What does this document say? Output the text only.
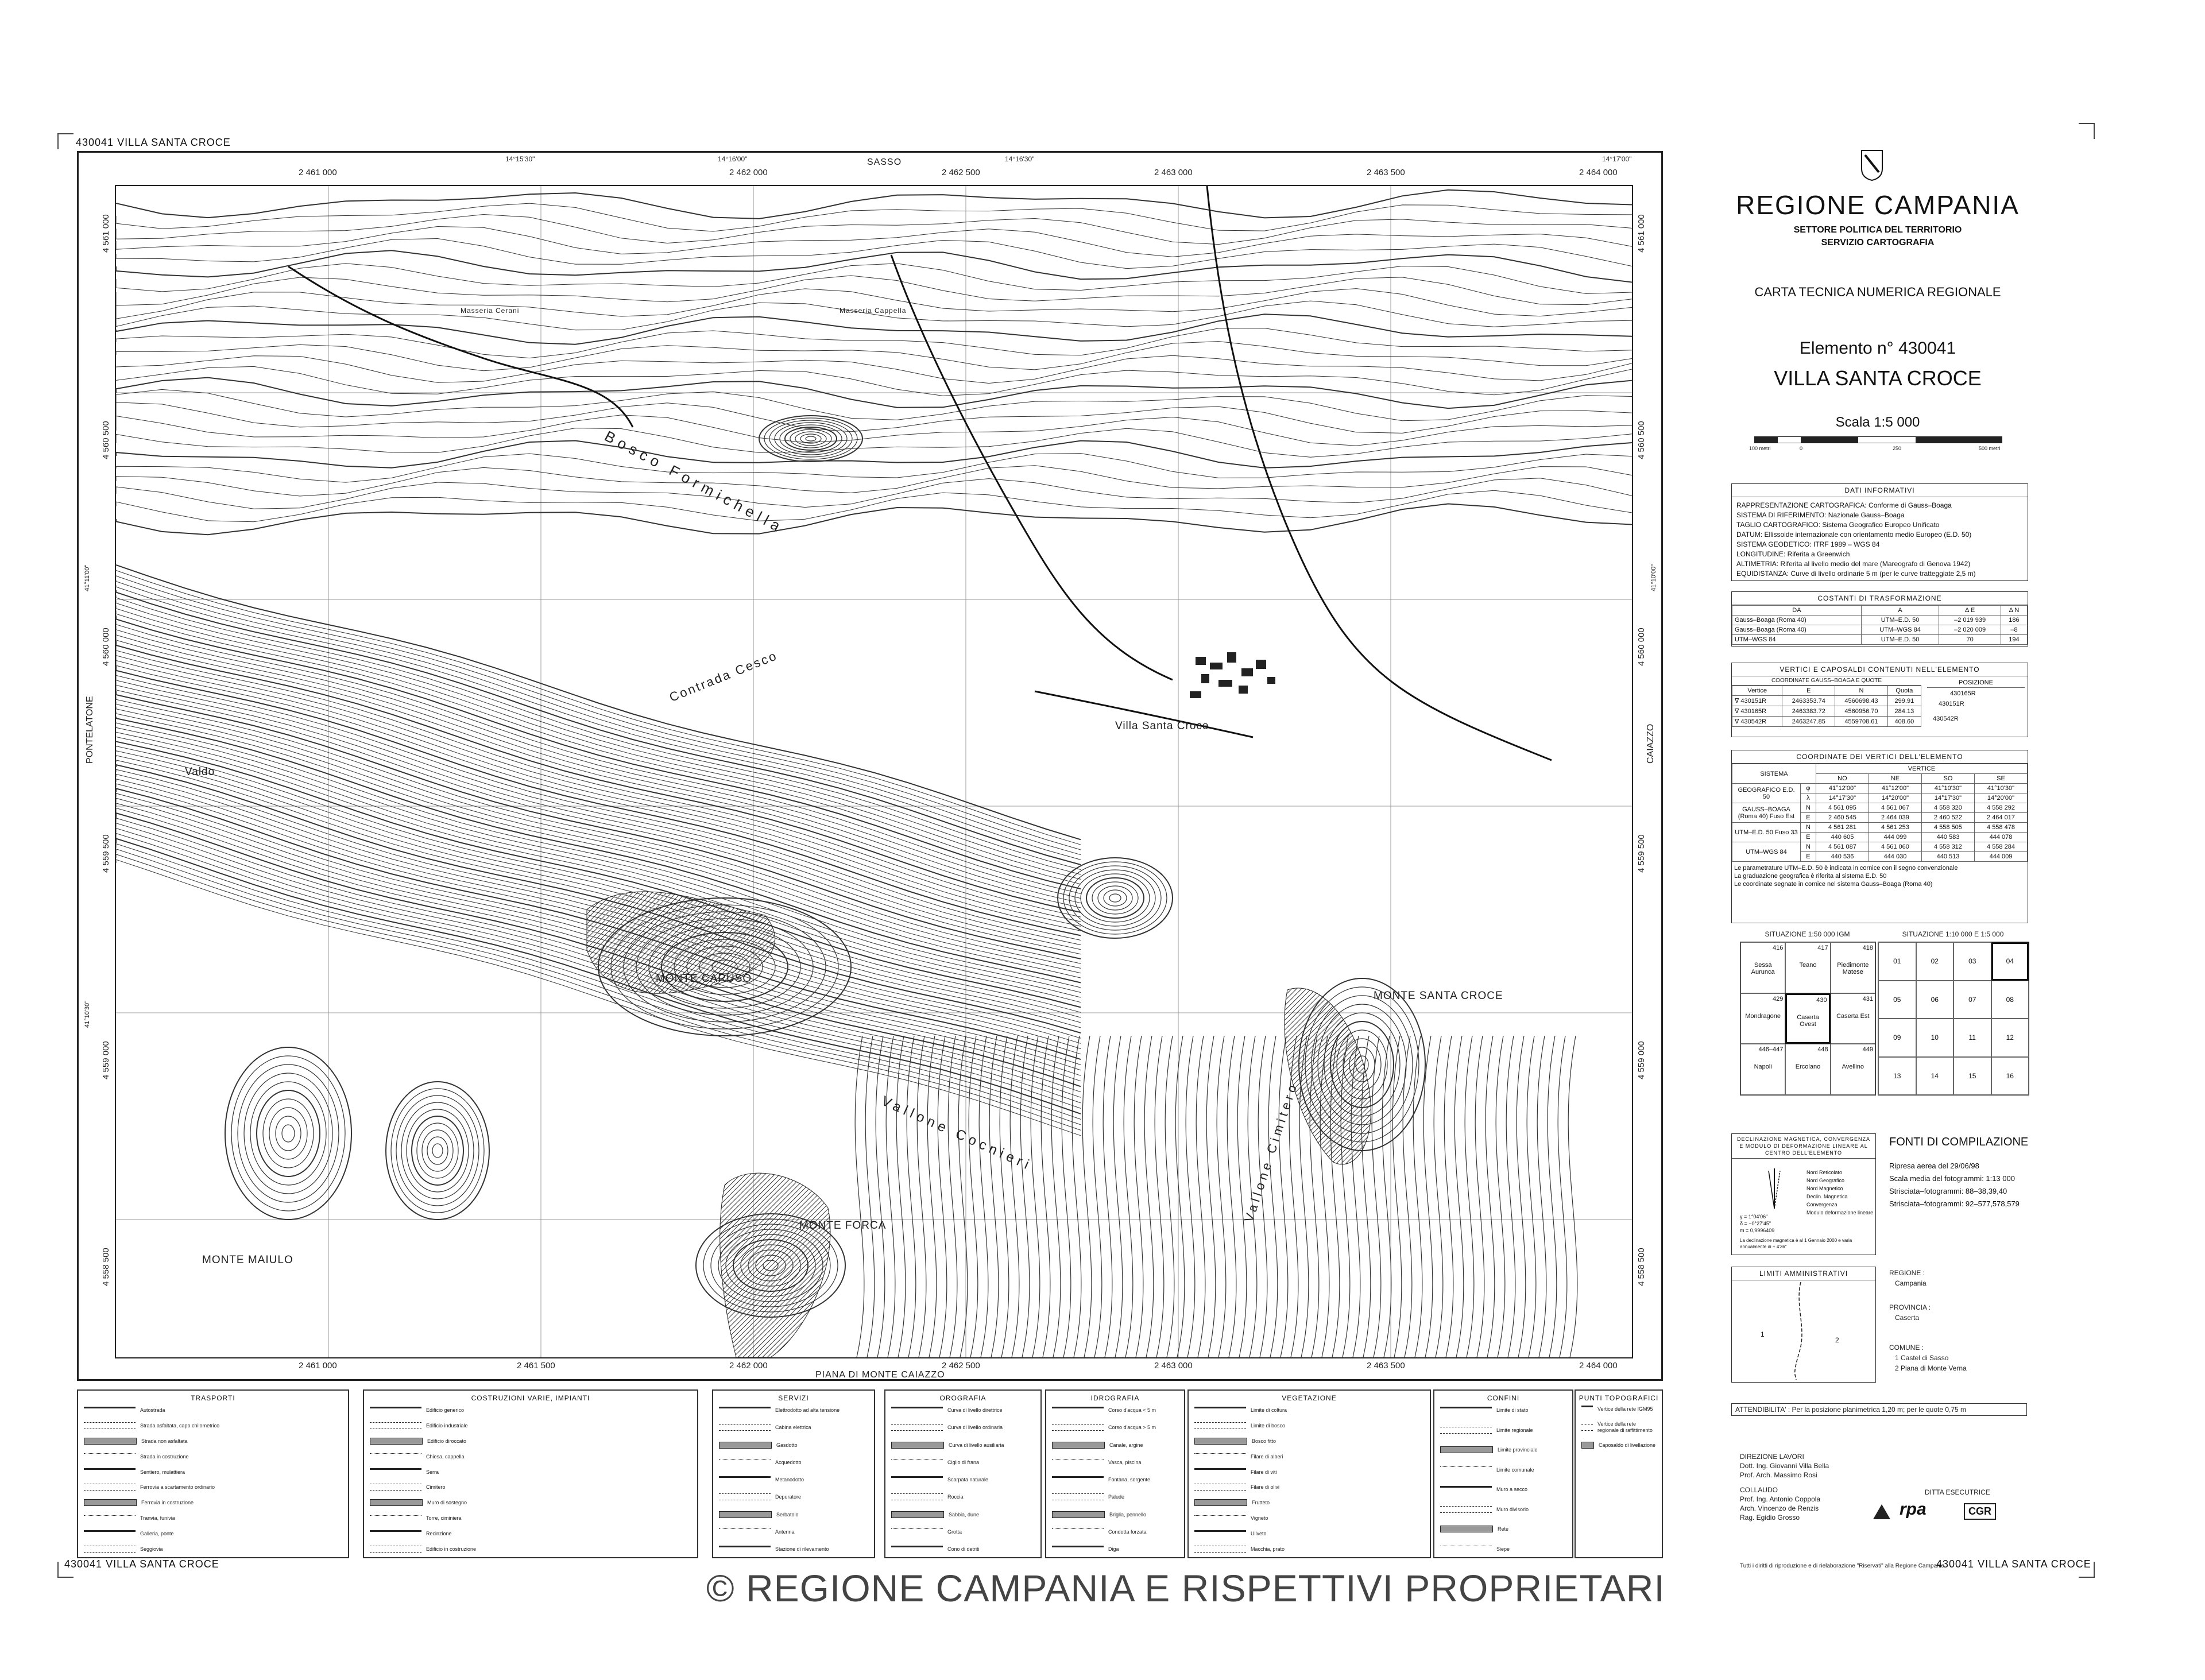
430041 VILLA SANTA CROCE
2 461 000	2 462 000	2 462 500	2 463 000	2 463 500	2 464 000
SASSO
14°15'30"	14°16'00"	14°16'30"	14°17'00"
2 461 000	2 461 500	2 462 000	2 462 500	2 463 000	2 463 500	2 464 000
PIANA DI MONTE CAIAZZO
4 561 000
4 560 500
4 560 000
4 559 500
4 559 000
4 558 500
PONTELATONE
41°11'00"
41°10'30"
4 561 000
4 560 500
4 560 000
4 559 500
4 559 000
4 558 500
CAIAZZO
41°10'00"
Bosco Formichella
Contrada Cesco
Villa Santa Croce
MONTE CARUSO
MONTE SANTA CROCE
MONTE FORCA
Vallone Cocnieri	Vallone Cimitero
MONTE MAIULO
Valdo
Masseria Cerani	Masseria Cappella
TRASPORTI
Autostrada
Strada asfaltata, capo chilometrico
Strada non asfaltata
Strada in costruzione
Sentiero, mulattiera
Ferrovia a scartamento ordinario
Ferrovia in costruzione
Tranvia, funivia
Galleria, ponte
Seggiovia
COSTRUZIONI VARIE, IMPIANTI
Edificio generico
Edificio industriale
Edificio diroccato
Chiesa, cappella
Serra
Cimitero
Muro di sostegno
Torre, ciminiera
Recinzione
Edificio in costruzione
SERVIZI
Elettrodotto ad alta tensione
Cabina elettrica
Gasdotto
Acquedotto
Metanodotto
Depuratore
Serbatoio
Antenna
Stazione di rilevamento
OROGRAFIA
Curva di livello direttrice
Curva di livello ordinaria
Curva di livello ausiliaria
Ciglio di frana
Scarpata naturale
Roccia
Sabbia, dune
Grotta
Cono di detriti
IDROGRAFIA
Corso d'acqua < 5 m
Corso d'acqua > 5 m
Canale, argine
Vasca, piscina
Fontana, sorgente
Palude
Briglia, pennello
Condotta forzata
Diga
VEGETAZIONE
Limite di coltura
Limite di bosco
Bosco fitto
Filare di alberi
Filare di viti
Filare di olivi
Frutteto
Vigneto
Uliveto
Macchia, prato
CONFINI
Limite di stato
Limite regionale
Limite provinciale
Limite comunale
Muro a secco
Muro divisorio
Rete
Siepe
PUNTI TOPOGRAFICI
Vertice della rete IGM95
Vertice della rete regionale di raffittimento
Caposaldo di livellazione
430041 VILLA SANTA CROCE
REGIONE CAMPANIA
SETTORE POLITICA DEL TERRITORIO
SERVIZIO CARTOGRAFIA
CARTA TECNICA NUMERICA REGIONALE
Elemento n° 430041
VILLA SANTA CROCE
Scala 1:5 000
100 metri	0	250	500 metri
DATI INFORMATIVI
RAPPRESENTAZIONE CARTOGRAFICA: Conforme di Gauss–Boaga
SISTEMA DI RIFERIMENTO: Nazionale Gauss–Boaga
TAGLIO CARTOGRAFICO: Sistema Geografico Europeo Unificato
DATUM: Ellissoide internazionale con orientamento medio Europeo (E.D. 50)
SISTEMA GEODETICO: ITRF 1989 – WGS 84
LONGITUDINE: Riferita a Greenwich
ALTIMETRIA: Riferita al livello medio del mare (Mareografo di Genova 1942)
EQUIDISTANZA: Curve di livello ordinarie 5 m (per le curve tratteggiate 2,5 m)
COSTANTI DI TRASFORMAZIONE
DA	A	Δ E	Δ N
Gauss–Boaga (Roma 40)	UTM–E.D. 50	–2 019 939	186
Gauss–Boaga (Roma 40)	UTM–WGS 84	–2 020 009	–8
UTM–WGS 84	UTM–E.D. 50	70	194
VERTICI E CAPOSALDI CONTENUTI NELL'ELEMENTO
COORDINATE GAUSS–BOAGA E QUOTE
Vertice	E	N	Quota
∇ 430151R	2463353.74	4560698.43	299.91
∇ 430165R	2463383.72	4560956.70	284.13
∇ 430542R	2463247.85	4559708.61	408.60
POSIZIONE
430165R
430151R
430542R
COORDINATE DEI VERTICI DELL'ELEMENTO
SISTEMA		VERTICE			
		NO	NE	SO	SE
GEOGRAFICO E.D. 50	φ	41°12'00"	41°12'00"	41°10'30"	41°10'30"
	λ	14°17'30"	14°20'00"	14°17'30"	14°20'00"
GAUSS–BOAGA (Roma 40) Fuso Est	N	4 561 095	4 561 067	4 558 320	4 558 292
	E	2 460 545	2 464 039	2 460 522	2 464 017
UTM–E.D. 50 Fuso 33	N	4 561 281	4 561 253	4 558 505	4 558 478
	E	440 605	444 099	440 583	444 078
UTM–WGS 84	N	4 561 087	4 561 060	4 558 312	4 558 284
	E	440 536	444 030	440 513	444 009
Le parametrature UTM–E.D. 50 è indicata in cornice con il segno convenzionale
La graduazione geografica è riferita al sistema E.D. 50
Le coordinate segnate in cornice nel sistema Gauss–Boaga (Roma 40)
SITUAZIONE 1:50 000 IGM
416
Sessa Aurunca
417
Teano
418
Piedimonte Matese
429
Mondragone
430
Caserta Ovest
431
Caserta Est
446–447
Napoli
448
Ercolano
449
Avellino
SITUAZIONE 1:10 000 E 1:5 000
01	02	03	04
05	06	07	08
09	10	11	12
13	14	15	16
DECLINAZIONE MAGNETICA, CONVERGENZA E MODULO DI DEFORMAZIONE LINEARE AL CENTRO DELL'ELEMENTO
Nord Reticolato
Nord Geografico
Nord Magnetico
Declin. Magnetica
Convergenza
Modulo deformazione lineare
γ = 1°04'06"
δ = −0°27'45"
m = 0,9996409
La declinazione magnetica è al 1 Gennaio 2000 e varia annualmente di + 4'36"
FONTI DI COMPILAZIONE
Ripresa aerea del 29/06/98
Scala media del fotogrammi: 1:13 000
Strisciata–fotogrammi: 88–38,39,40
Strisciata–fotogrammi: 92–577,578,579
LIMITI AMMINISTRATIVI
1
2
REGIONE :
Campania
PROVINCIA :
Caserta
COMUNE :
1 Castel di Sasso
2 Piana di Monte Verna
ATTENDIBILITA' : Per la posizione planimetrica 1,20 m; per le quote 0,75 m
DIREZIONE LAVORI
Dott. Ing. Giovanni Villa Bella
Prof. Arch. Massimo Rosi
COLLAUDO
Prof. Ing. Antonio Coppola
Arch. Vincenzo de Renzis
Rag. Egidio Grosso
DITTA ESECUTRICE
rpa	CGR
Tutti i diritti di riproduzione e di rielaborazione "Riservati" alla Regione Campania
430041 VILLA SANTA CROCE
© REGIONE CAMPANIA E RISPETTIVI PROPRIETARI
